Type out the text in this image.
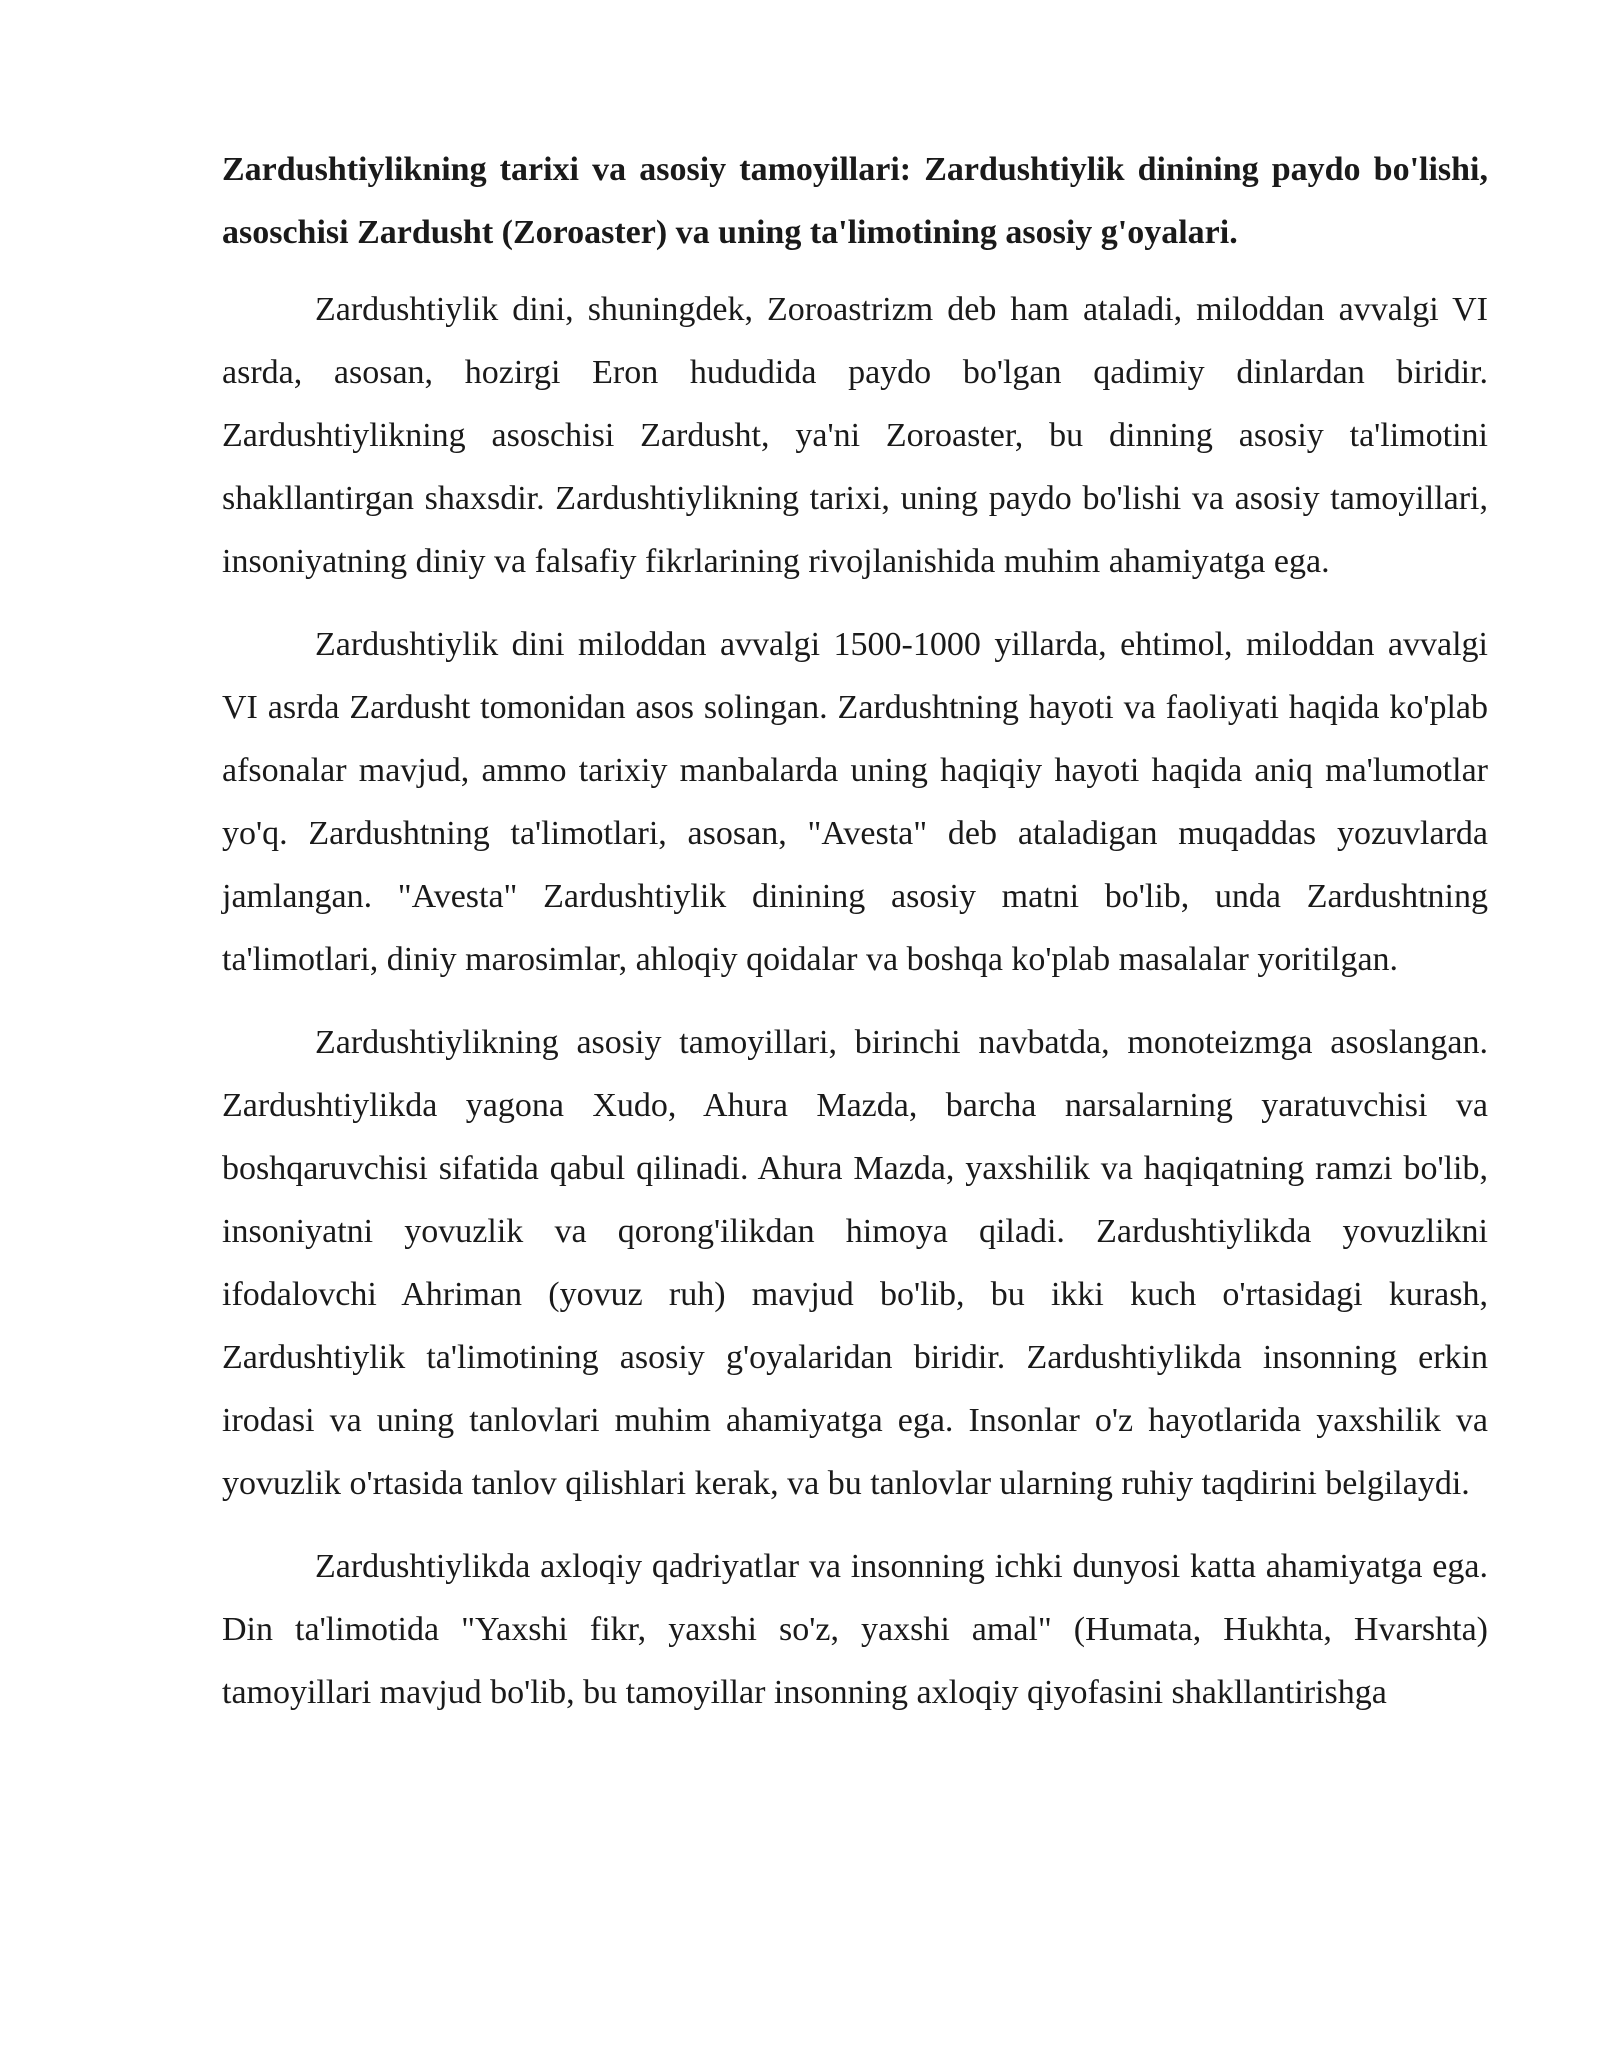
Zardushtiylikning tarixi va asosiy tamoyillari: Zardushtiylik dinining paydo bo'lishi, asoschisi Zardusht (Zoroaster) va uning ta'limotining asosiy g'oyalari.

Zardushtiylik dini, shuningdek, Zoroastrizm deb ham ataladi, miloddan avvalgi VI asrda, asosan, hozirgi Eron hududida paydo bo'lgan qadimiy dinlardan biridir. Zardushtiylikning asoschisi Zardusht, ya'ni Zoroaster, bu dinning asosiy ta'limotini shakllantirgan shaxsdir. Zardushtiylikning tarixi, uning paydo bo'lishi va asosiy tamoyillari, insoniyatning diniy va falsafiy fikrlarining rivojlanishida muhim ahamiyatga ega.

Zardushtiylik dini miloddan avvalgi 1500-1000 yillarda, ehtimol, miloddan avvalgi VI asrda Zardusht tomonidan asos solingan. Zardushtning hayoti va faoliyati haqida ko'plab afsonalar mavjud, ammo tarixiy manbalarda uning haqiqiy hayoti haqida aniq ma'lumotlar yo'q. Zardushtning ta'limotlari, asosan, "Avesta" deb ataladigan muqaddas yozuvlarda jamlangan. "Avesta" Zardushtiylik dinining asosiy matni bo'lib, unda Zardushtning ta'limotlari, diniy marosimlar, ahloqiy qoidalar va boshqa ko'plab masalalar yoritilgan.

Zardushtiylikning asosiy tamoyillari, birinchi navbatda, monoteizmga asoslangan. Zardushtiylikda yagona Xudo, Ahura Mazda, barcha narsalarning yaratuvchisi va boshqaruvchisi sifatida qabul qilinadi. Ahura Mazda, yaxshilik va haqiqatning ramzi bo'lib, insoniyatni yovuzlik va qorong'ilikdan himoya qiladi. Zardushtiylikda yovuzlikni ifodalovchi Ahriman (yovuz ruh) mavjud bo'lib, bu ikki kuch o'rtasidagi kurash, Zardushtiylik ta'limotining asosiy g'oyalaridan biridir. Zardushtiylikda insonning erkin irodasi va uning tanlovlari muhim ahamiyatga ega. Insonlar o'z hayotlarida yaxshilik va yovuzlik o'rtasida tanlov qilishlari kerak, va bu tanlovlar ularning ruhiy taqdirini belgilaydi.

Zardushtiylikda axloqiy qadriyatlar va insonning ichki dunyosi katta ahamiyatga ega. Din ta'limotida "Yaxshi fikr, yaxshi so'z, yaxshi amal" (Humata, Hukhta, Hvarshta) tamoyillari mavjud bo'lib, bu tamoyillar insonning axloqiy qiyofasini shakllantirishga
